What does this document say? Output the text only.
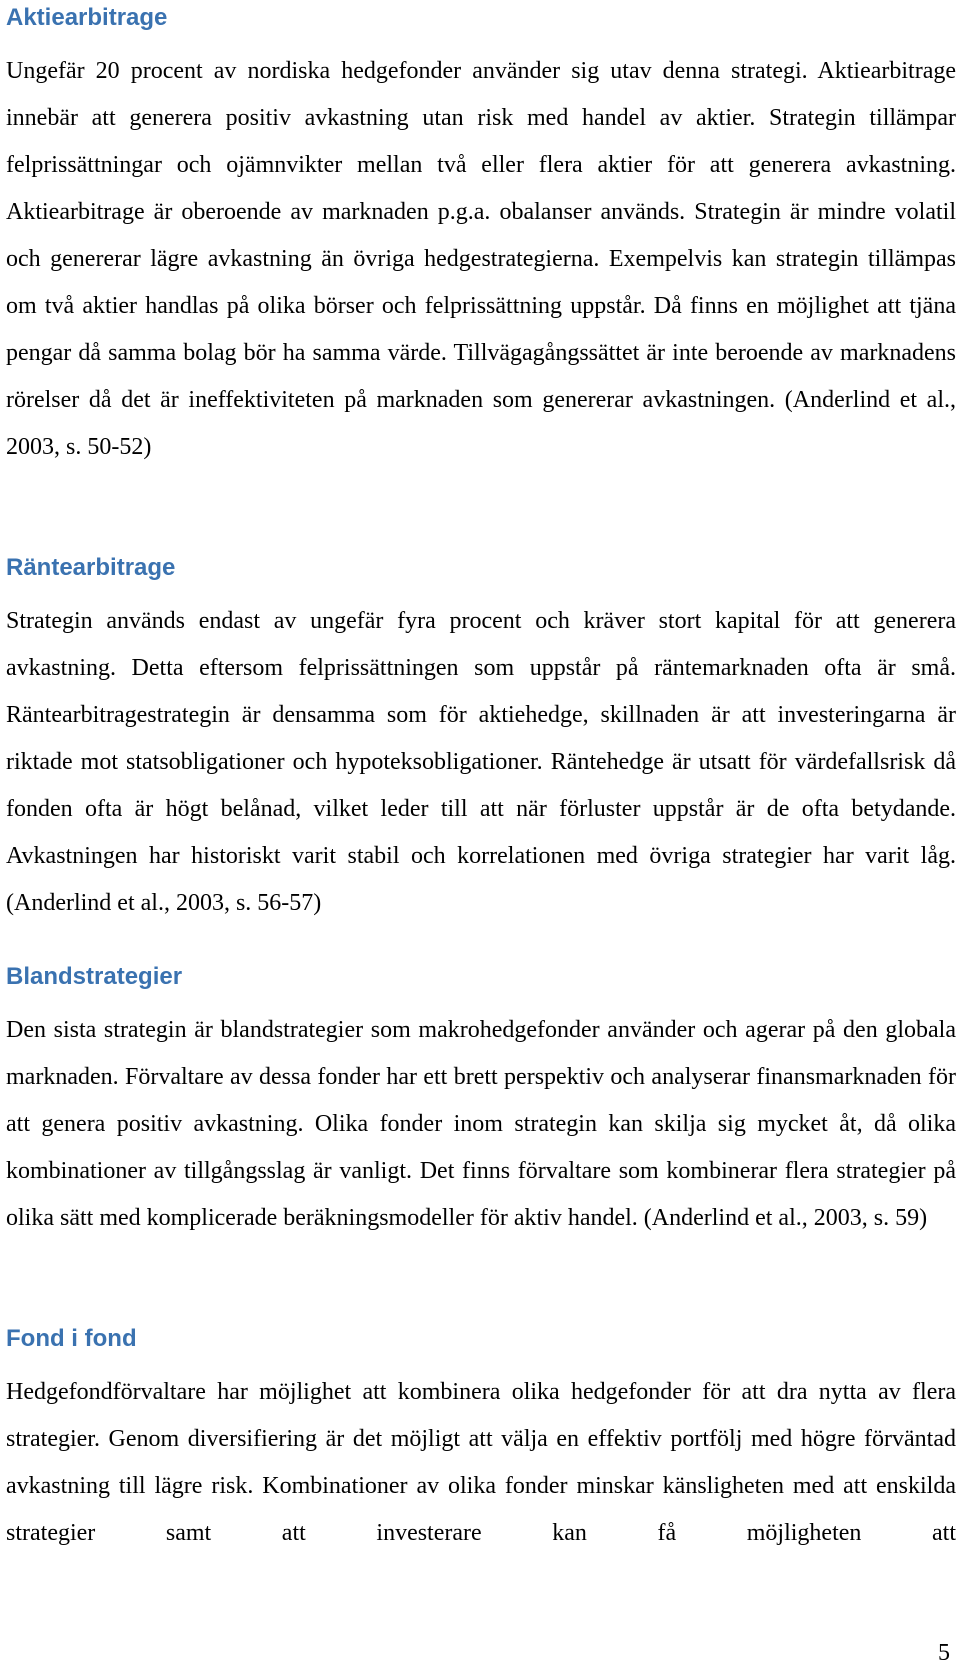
Aktiearbitrage

Ungefär 20 procent av nordiska hedgefonder använder sig utav denna strategi. Aktiearbitrage innebär att generera positiv avkastning utan risk med handel av aktier. Strategin tillämpar felprissättningar och ojämnvikter mellan två eller flera aktier för att generera avkastning. Aktiearbitrage är oberoende av marknaden p.g.a. obalanser används. Strategin är mindre volatil och genererar lägre avkastning än övriga hedgestrategierna. Exempelvis kan strategin tillämpas om två aktier handlas på olika börser och felprissättning uppstår. Då finns en möjlighet att tjäna pengar då samma bolag bör ha samma värde. Tillvägagångssättet är inte beroende av marknadens rörelser då det är ineffektiviteten på marknaden som genererar avkastningen. (Anderlind et al., 2003, s. 50-52)

Räntearbitrage

Strategin används endast av ungefär fyra procent och kräver stort kapital för att generera avkastning. Detta eftersom felprissättningen som uppstår på räntemarknaden ofta är små. Räntearbitragestrategin är densamma som för aktiehedge, skillnaden är att investeringarna är riktade mot statsobligationer och hypoteksobligationer. Räntehedge är utsatt för värdefallsrisk då fonden ofta är högt belånad, vilket leder till att när förluster uppstår är de ofta betydande. Avkastningen har historiskt varit stabil och korrelationen med övriga strategier har varit låg. (Anderlind et al., 2003, s. 56-57)

Blandstrategier

Den sista strategin är blandstrategier som makrohedgefonder använder och agerar på den globala marknaden. Förvaltare av dessa fonder har ett brett perspektiv och analyserar finansmarknaden för att genera positiv avkastning. Olika fonder inom strategin kan skilja sig mycket åt, då olika kombinationer av tillgångsslag är vanligt. Det finns förvaltare som kombinerar flera strategier på olika sätt med komplicerade beräkningsmodeller för aktiv handel. (Anderlind et al., 2003, s. 59)

Fond i fond

Hedgefondförvaltare har möjlighet att kombinera olika hedgefonder för att dra nytta av flera strategier. Genom diversifiering är det möjligt att välja en effektiv portfölj med högre förväntad avkastning till lägre risk. Kombinationer av olika fonder minskar känsligheten med att enskilda strategier samt att investerare kan få möjligheten att

5
